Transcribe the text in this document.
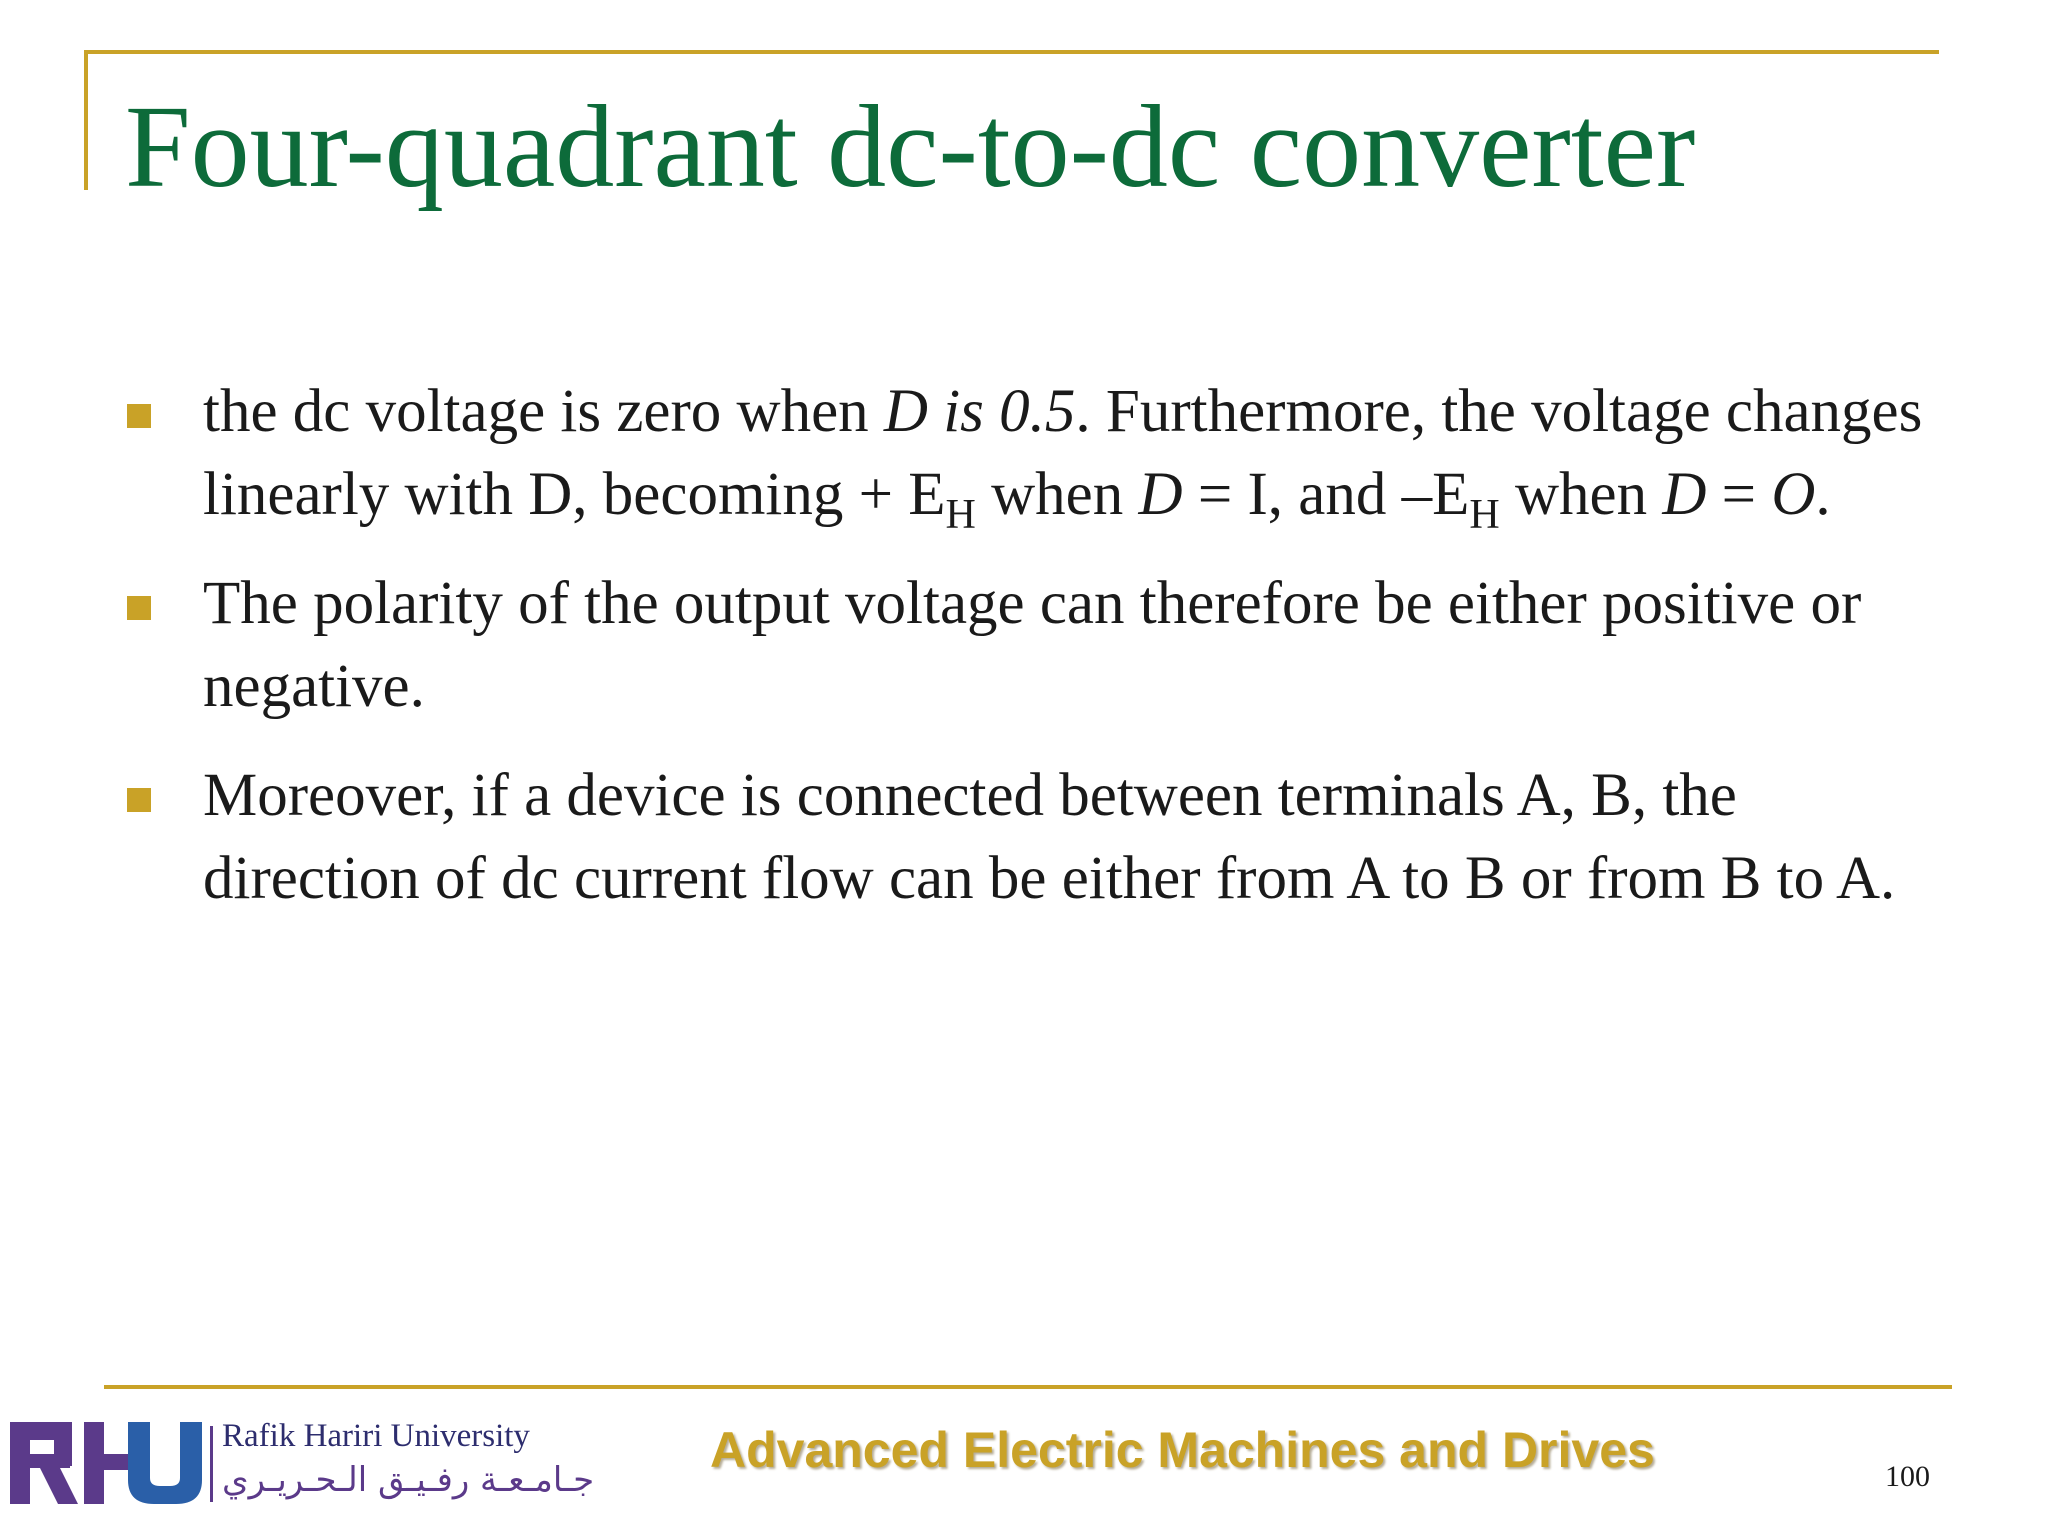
Four-quadrant dc-to-dc converter
the dc voltage is zero when D is 0.5. Furthermore, the voltage changes linearly with D, becoming + $E_H$ when D = I, and $-E_H$ when D = O.
The polarity of the output voltage can therefore be either positive or negative.
Moreover, if a device is connected between terminals A, B, the direction of dc current flow can be either from A to B or from B to A.
Rafik Hariri University
جـامـعـة رفـيـق الـحـريـري
Advanced Electric Machines and Drives	100
